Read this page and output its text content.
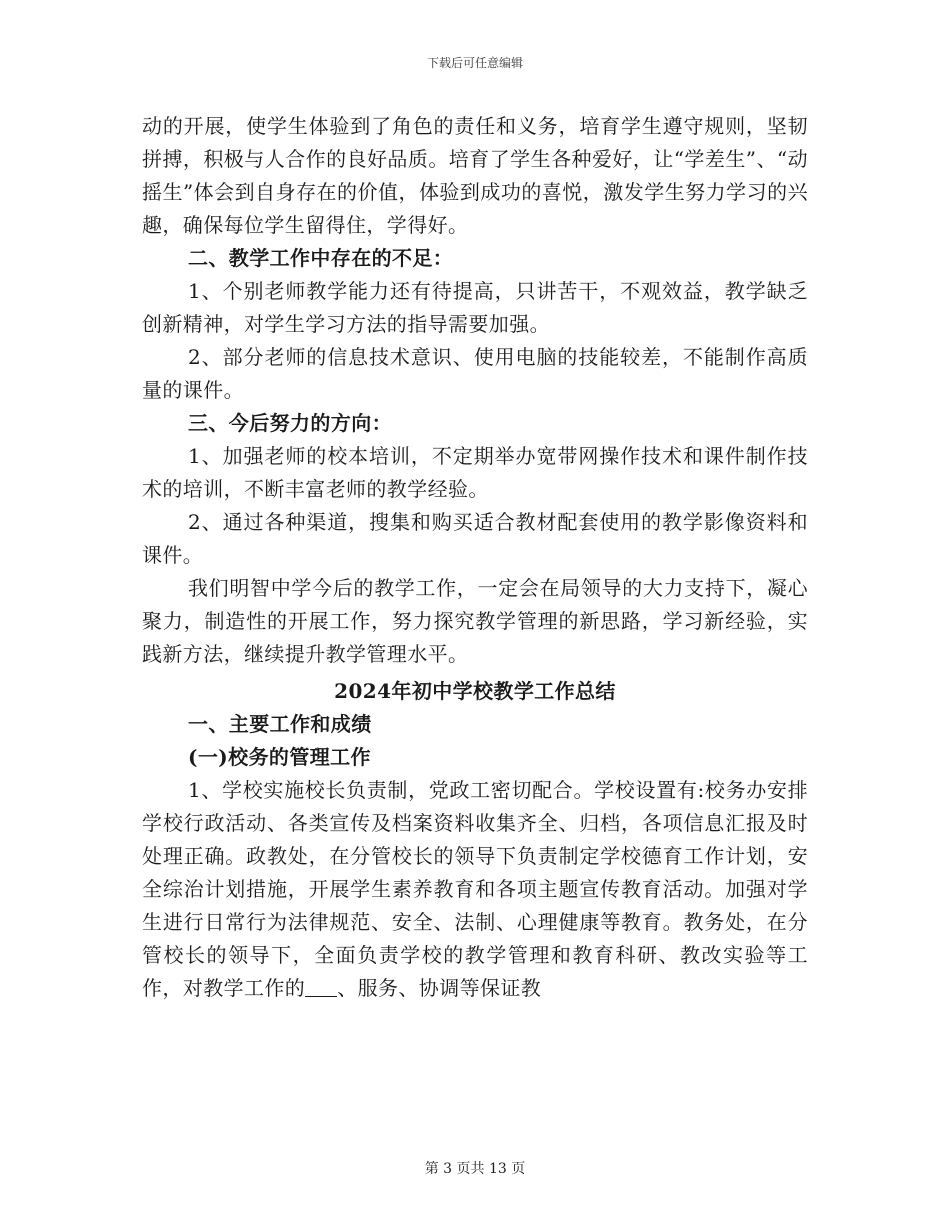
下载后可任意编辑

动的开展，使学生体验到了角色的责任和义务，培育学生遵守规则，坚韧拼搏，积极与人合作的良好品质。培育了学生各种爱好，让“学差生”、“动摇生”体会到自身存在的价值，体验到成功的喜悦，激发学生努力学习的兴趣，确保每位学生留得住，学得好。

二、教学工作中存在的不足：

1、个别老师教学能力还有待提高，只讲苦干，不观效益，教学缺乏创新精神，对学生学习方法的指导需要加强。

2、部分老师的信息技术意识、使用电脑的技能较差，不能制作高质量的课件。

三、今后努力的方向：

1、加强老师的校本培训，不定期举办宽带网操作技术和课件制作技术的培训，不断丰富老师的教学经验。

2、通过各种渠道，搜集和购买适合教材配套使用的教学影像资料和课件。

我们明智中学今后的教学工作，一定会在局领导的大力支持下，凝心聚力，制造性的开展工作，努力探究教学管理的新思路，学习新经验，实践新方法，继续提升教学管理水平。

2024年初中学校教学工作总结

一、主要工作和成绩

(一)校务的管理工作

1、学校实施校长负责制，党政工密切配合。学校设置有:校务办安排学校行政活动、各类宣传及档案资料收集齐全、归档，各项信息汇报及时处理正确。政教处，在分管校长的领导下负责制定学校德育工作计划，安全综治计划措施，开展学生素养教育和各项主题宣传教育活动。加强对学生进行日常行为法律规范、安全、法制、心理健康等教育。教务处，在分管校长的领导下，全面负责学校的教学管理和教育科研、教改实验等工作，对教学工作的 、服务、协调等保证教

第 3 页共 13 页
